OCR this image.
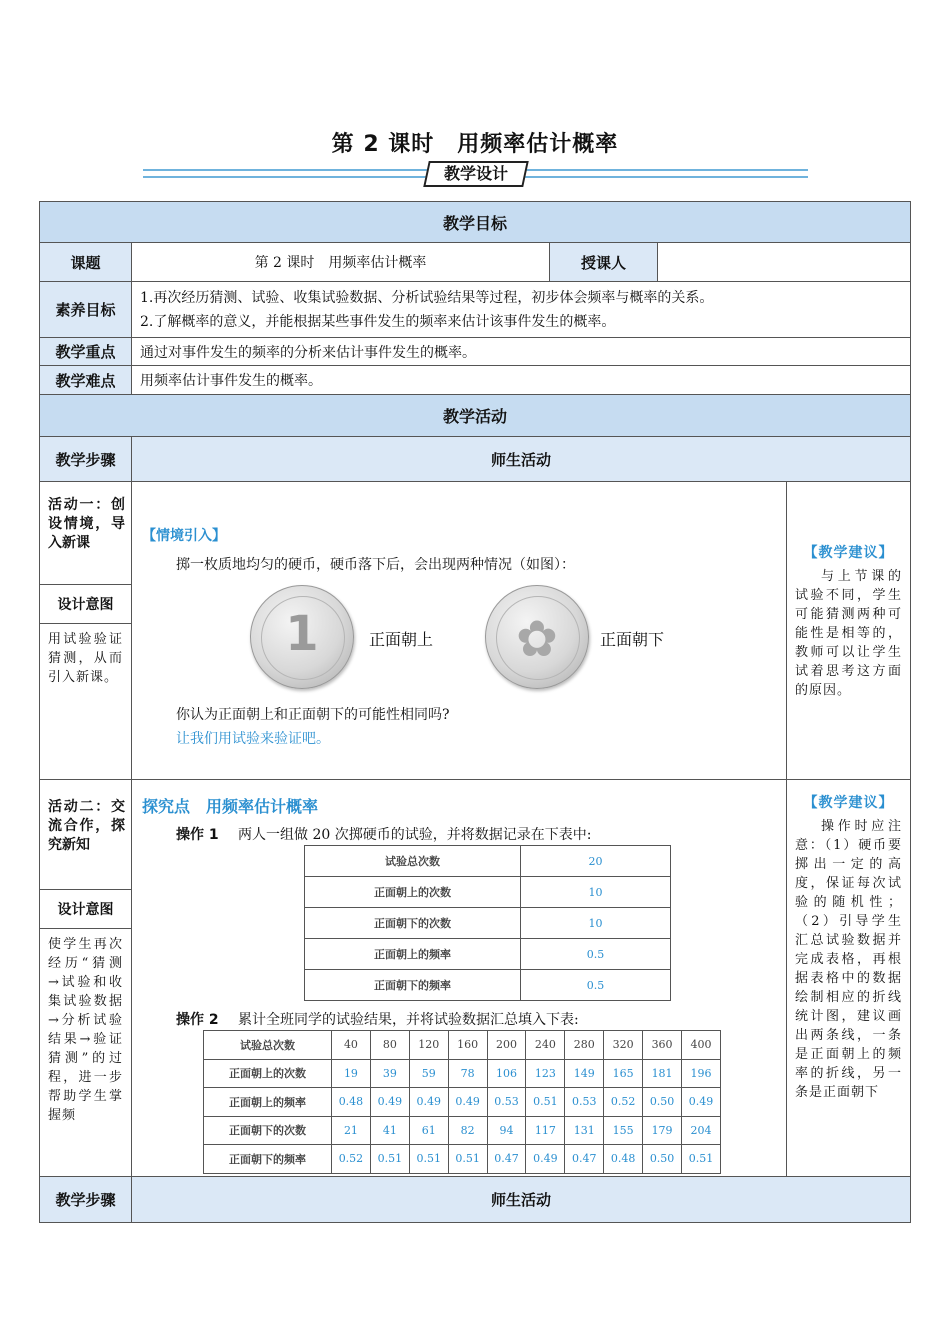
第 2 课时　用频率估计概率
教学设计
教学目标
课题	第 2 课时　用频率估计概率	授课人
素养目标
1.再次经历猜测、试验、收集试验数据、分析试验结果等过程，初步体会频率与概率的关系。
2.了解概率的意义，并能根据某些事件发生的频率来估计该事件发生的概率。
教学重点	通过对事件发生的频率的分析来估计事件发生的概率。
教学难点	用频率估计事件发生的概率。
教学活动
教学步骤	师生活动
活动一：创设情境，导入新课
设计意图
用试验验证猜测，从而引入新课。
【情境引入】
掷一枚质地均匀的硬币，硬币落下后，会出现两种情况（如图）：
1	正面朝上	✿	正面朝下
你认为正面朝上和正面朝下的可能性相同吗?
让我们用试验来验证吧。
【教学建议】
与上节课的试验不同，学生可能猜测两种可能性是相等的，教师可以让学生试着思考这方面的原因。
活动二：交流合作，探究新知
设计意图
使学生再次经历“猜测→试验和收集试验数据→分析试验结果→验证猜测”的过程，进一步帮助学生掌握频
探究点　用频率估计概率
操作 1 两人一组做 20 次掷硬币的试验，并将数据记录在下表中:
试验总次数	20
正面朝上的次数	10
正面朝下的次数	10
正面朝上的频率	0.5
正面朝下的频率	0.5
操作 2 累计全班同学的试验结果，并将试验数据汇总填入下表:
试验总次数	40	80	120	160	200	240	280	320	360	400
正面朝上的次数	19	39	59	78	106	123	149	165	181	196
正面朝上的频率	0.48	0.49	0.49	0.49	0.53	0.51	0.53	0.52	0.50	0.49
正面朝下的次数	21	41	61	82	94	117	131	155	179	204
正面朝下的频率	0.52	0.51	0.51	0.51	0.47	0.49	0.47	0.48	0.50	0.51
【教学建议】
操作时应注意：（1）硬币要掷出一定的高度，保证每次试验的随机性；（2）引导学生汇总试验数据并完成表格，再根据表格中的数据绘制相应的折线统计图，建议画出两条线，一条是正面朝上的频率的折线，另一条是正面朝下
教学步骤	师生活动
